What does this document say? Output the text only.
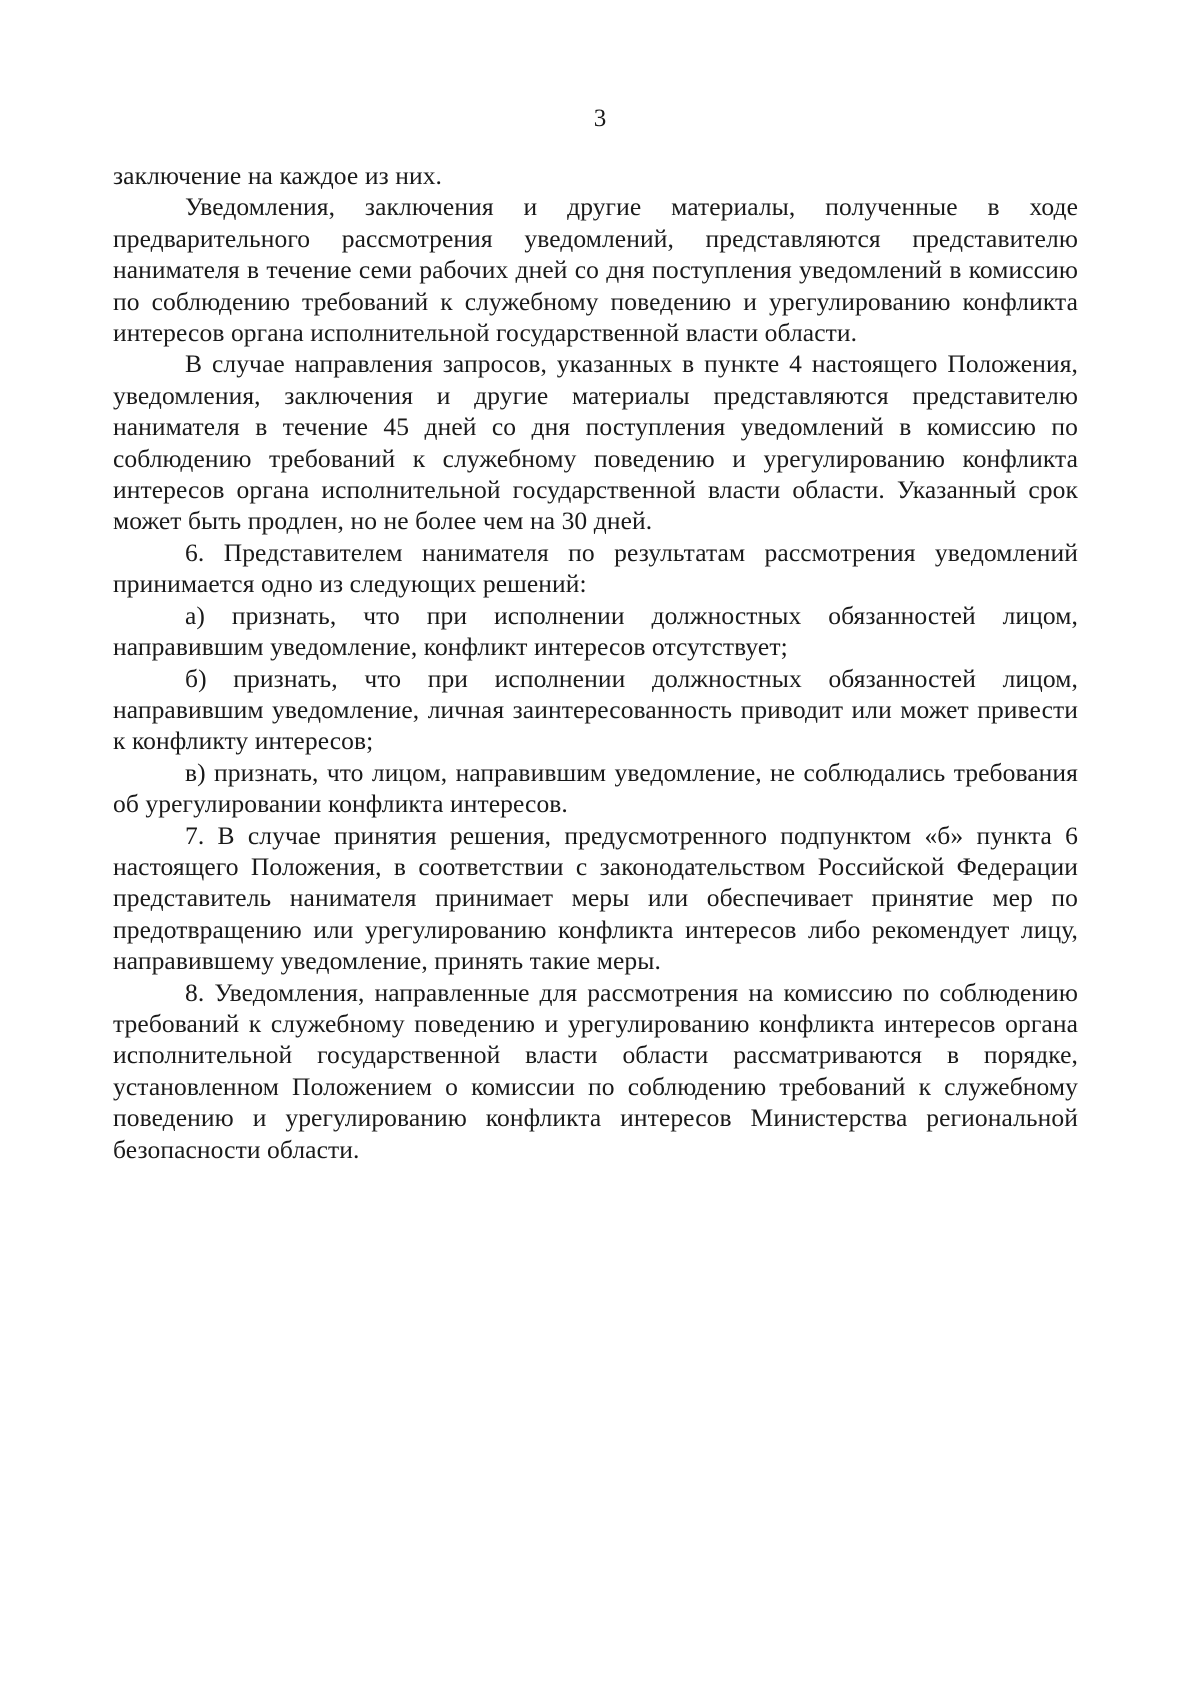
3

заключение на каждое из них.

Уведомления, заключения и другие материалы, полученные в ходе предварительного рассмотрения уведомлений, представляются представителю нанимателя в течение семи рабочих дней со дня поступления уведомлений в комиссию по соблюдению требований к служебному поведению и урегулированию конфликта интересов органа исполнительной государственной власти области.

В случае направления запросов, указанных в пункте 4 настоящего Положения, уведомления, заключения и другие материалы представляются представителю нанимателя в течение 45 дней со дня поступления уведомлений в комиссию по соблюдению требований к служебному поведению и урегулированию конфликта интересов органа исполнительной государственной власти области. Указанный срок может быть продлен, но не более чем на 30 дней.

6. Представителем нанимателя по результатам рассмотрения уведомлений принимается одно из следующих решений:

а) признать, что при исполнении должностных обязанностей лицом, направившим уведомление, конфликт интересов отсутствует;

б) признать, что при исполнении должностных обязанностей лицом, направившим уведомление, личная заинтересованность приводит или может привести к конфликту интересов;

в) признать, что лицом, направившим уведомление, не соблюдались требования об урегулировании конфликта интересов.

7. В случае принятия решения, предусмотренного подпунктом «б» пункта 6 настоящего Положения, в соответствии с законодательством Российской Федерации представитель нанимателя принимает меры или обеспечивает принятие мер по предотвращению или урегулированию конфликта интересов либо рекомендует лицу, направившему уведомление, принять такие меры.

8. Уведомления, направленные для рассмотрения на комиссию по соблюдению требований к служебному поведению и урегулированию конфликта интересов органа исполнительной государственной власти области рассматриваются в порядке, установленном Положением о комиссии по соблюдению требований к служебному поведению и урегулированию конфликта интересов Министерства региональной безопасности области.
